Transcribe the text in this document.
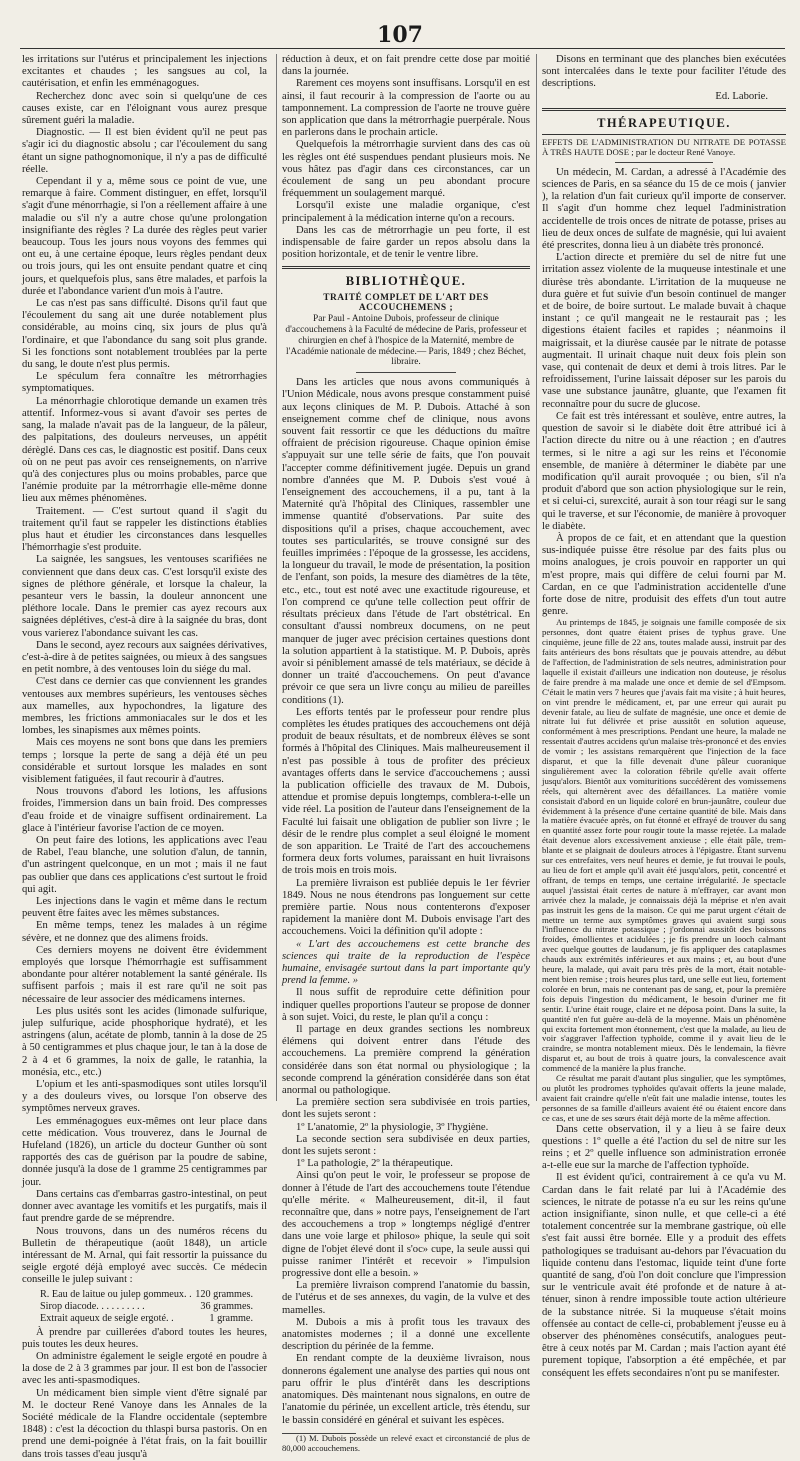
107

les irritations sur l'utérus et principalement les injections excitantes et chaudes ; les sangsues au col, la cautérisation, et enfin les emménagogues.

Recherchez donc avec soin si quelqu'une de ces causes existe, car en l'éloignant vous aurez presque sûrement guéri la maladie.

Diagnostic. — Il est bien évident qu'il ne peut pas s'agir ici du diagnostic absolu ; car l'écoulement du sang étant un signe pathognomonique, il n'y a pas de difficulté réelle.

Cependant il y a, même sous ce point de vue, une remarque à faire. Comment distinguer, en effet, lorsqu'il s'agit d'une ménorrhagie, si l'on a réellement affaire à une maladie ou s'il n'y a autre chose qu'une prolongation insignifiante des règles ? La durée des règles peut varier beaucoup. Tous les jours nous voyons des femmes qui ont eu, à une certaine époque, leurs règles pendant deux ou trois jours, qui les ont ensuite pendant quatre et cinq jours, et quelquefois plus, sans être malades, et parfois la durée et l'abondance varient d'un mois à l'autre.

Le cas n'est pas sans difficulté. Disons qu'il faut que l'écoulement du sang ait une durée notablement plus considérable, au moins cinq, six jours de plus qu'à l'ordinaire, et que l'abondance du sang soit plus grande. Si les fonctions sont notablement troublées par la perte du sang, le doute n'est plus permis.

Le spéculum fera connaître les métrorrhagies symptomatiques.

La ménorrhagie chlorotique demande un examen très attentif. Informez-vous si avant d'avoir ses pertes de sang, la malade n'avait pas de la langueur, de la pâleur, des palpitations, des douleurs nerveuses, un appétit dérèglé. Dans ces cas, le diagnostic est positif. Dans ceux où on ne peut pas avoir ces renseignements, on n'arrive qu'à des conjectures plus ou moins probables, parce que l'anémie produite par la métrorrhagie elle-même donne lieu aux mêmes phénomènes.

Traitement. — C'est surtout quand il s'agit du traitement qu'il faut se rappeler les distinctions établies plus haut et étudier les circonstances dans lesquelles l'hémorrhagie s'est produite.

La saignée, les sangsues, les ventouses scarifiées ne conviennent que dans deux cas. C'est lorsqu'il existe des signes de pléthore générale, et lorsque la chaleur, la pesanteur vers le bassin, la douleur annoncent une pléthore locale. Dans le premier cas ayez recours aux saignées déplétives, c'est-à dire à la saignée du bras, dont vous varierez l'abondance suivant les cas.

Dans le second, ayez recours aux saignées dérivatives, c'est-à-dire à de petites saignées, ou mieux à des sangsues en petit nombre, à des ventouses loin du siége du mal.

C'est dans ce dernier cas que conviennent les grandes ventouses aux membres supérieurs, les ventouses sèches aux mamelles, aux hypochondres, la ligature des membres, les frictions ammoniacales sur le dos et les lombes, les sinapismes aux mêmes points.

Mais ces moyens ne sont bons que dans les premiers temps ; lorsque la perte de sang a déjà été un peu considérable et surtout lorsque les malades en sont visiblement fatiguées, il faut recourir à d'autres.

Nous trouvons d'abord les lotions, les affusions froides, l'immersion dans un bain froid. Des compresses d'eau froide et de vinaigre suffisent ordinairement. La glace à l'intérieur favorise l'action de ce moyen.

On peut faire des lotions, les applications avec l'eau de Rabel, l'eau blanche, une solution d'alun, de tannin, d'un astringent quelconque, en un mot ; mais il ne faut pas oublier que dans ces applications c'est surtout le froid qui agit.

Les injections dans le vagin et même dans le rectum peuvent être faites avec les mêmes substances.

En même temps, tenez les malades à un régime sévère, et ne donnez que des alimens froids.

Ces derniers moyens ne doivent être évidemment employés que lorsque l'hémorrhagie est suffisamment abondante pour altérer notablement la santé générale. Ils suffisent parfois ; mais il est rare qu'il ne soit pas nécessaire de leur associer des médicamens internes.

Les plus usités sont les acides (limonade sulfurique, julep sulfurique, acide phosphorique hydraté), et les astringens (alun, acétate de plomb, tannin à la dose de 25 à 50 centigrammes et plus chaque jour, le tan à la dose de 2 à 4 et 6 grammes, la noix de galle, le ratanhia, la monésia, etc., etc.)

L'opium et les anti-spasmodiques sont utiles lorsqu'il y a des douleurs vives, ou lorsque l'on observe des symptômes nerveux graves.

Les emménagogues eux-mêmes ont leur place dans cette médication. Vous trouverez, dans le Journal de Hufeland (1826), un article du docteur Gunther où sont rapportés des cas de guérison par la poudre de sabine, donnée jusqu'à la dose de 1 gramme 25 centigrammes par jour.

Dans certains cas d'embarras gastro-intestinal, on peut donner avec avantage les vomitifs et les purgatifs, mais il faut prendre garde de se méprendre.

Nous trouvons, dans un des numéros récens du Bulletin de thérapeutique (août 1848), un article intéressant de M. Arnal, qui fait ressortir la puissance du seigle ergoté déjà employé avec succès. Ce médecin conseille le julep suivant :

R. Eau de laitue ou julep gommeux. . 120 grammes.
Sirop diacode. . . . . . . . . .	36 grammes.
Extrait aqueux de seigle ergoté. .	1 gramme.

À prendre par cuillerées d'abord toutes les heures, puis toutes les deux heures.

On administre également le seigle ergoté en poudre à la dose de 2 à 3 grammes par jour. Il est bon de l'associer avec les anti-spasmodiques.

Un médicament bien simple vient d'être signalé par M. le docteur René Vanoye dans les Annales de la Société médicale de la Flandre occidentale (septembre 1848) : c'est la décoction du thlaspi bursa pastoris. On en prend une demi-poignée à l'état frais, on la fait bouillir dans trois tasses d'eau jusqu'à

réduction à deux, et on fait prendre cette dose par moitié dans la journée.

Rarement ces moyens sont insuffisans. Lorsqu'il en est ainsi, il faut recourir à la compression de l'aorte ou au tamponnement. La compression de l'aorte ne trouve guère son application que dans la métrorrhagie puerpérale. Nous en parlerons dans le prochain article.

Quelquefois la métrorrhagie survient dans des cas où les règles ont été suspendues pendant plusieurs mois. Ne vous hâtez pas d'agir dans ces circonstances, car un écoulement de sang un peu abondant procure fréquemment un soulagement marqué.

Lorsqu'il existe une maladie organique, c'est principalement à la médication interne qu'on a recours.

Dans les cas de métrorrhagie un peu forte, il est indispensable de faire garder un repos absolu dans la position horizontale, et de tenir le ventre libre.

BIBLIOTHÈQUE.
TRAITÉ COMPLET DE L'ART DES ACCOUCHEMENS ;
Par Paul - Antoine Dubois, professeur de clinique d'accouchemens à la Faculté de médecine de Paris, professeur et chirurgien en chef à l'hospice de la Maternité, membre de l'Académie nationale de médecine.— Paris, 1849 ; chez Béchet, libraire.

Dans les articles que nous avons communiqués à l'Union Médicale, nous avons presque constamment puisé aux leçons cliniques de M. P. Dubois. Attaché à son enseignement comme chef de clinique, nous avons souvent fait ressortir ce que les déductions du maître offraient de précision rigoureuse. Chaque opinion émise s'appuyait sur une telle série de faits, que l'on pouvait l'accepter comme définitivement jugée. Depuis un grand nombre d'années que M. P. Dubois s'est voué à l'enseignement des accouchemens, il a pu, tant à la Maternité qu'à l'hôpital des Cliniques, rassembler une immense quantité d'observations. Par suite des dispositions qu'il a prises, chaque accouchement, avec toutes ses particularités, se trouve consigné sur des feuilles imprimées : l'époque de la grossesse, les accidens, la longueur du travail, le mode de présentation, la position de l'enfant, son poids, la mesure des diamètres de la tête, etc., etc., tout est noté avec une exactitude rigoureuse, et l'on comprend ce qu'une telle collection peut offrir de résultats précieux dans l'étude de l'art obstétrical. En consultant d'aussi nombreux documens, on ne peut manquer de juger avec précision certaines questions dont la solution appartient à la statistique. M. P. Dubois, après avoir si péniblement amassé de tels matériaux, se décide à donner un traité d'accouchemens. On peut d'avance prévoir ce que sera un livre conçu au milieu de pareilles conditions (1).

Les efforts tentés par le professeur pour rendre plus complètes les études pratiques des accouchemens ont déjà produit de beaux résultats, et de nombreux élèves se sont formés à l'hôpital des Cliniques. Mais malheureusement il n'est pas possible à tous de profiter des précieux avantages offerts dans le service d'accouchemens ; aussi la publication officielle des travaux de M. Dubois, attendue et promise depuis longtemps, comblera-t-elle un vide réel. La position de l'auteur dans l'enseignement de la Faculté lui faisait une obligation de publier son livre ; le désir de le rendre plus complet a seul éloigné le moment de son apparition. Le Traité de l'art des accouchemens formera deux forts volumes, paraissant en huit livraisons de trois mois en trois mois.

La première livraison est publiée depuis le 1er février 1849. Nous ne nous étendrons pas longuement sur cette première partie. Nous nous contenterons d'exposer rapidement la manière dont M. Dubois envisage l'art des accouchemens. Voici la définition qu'il adopte :

« L'art des accouchemens est cette branche des sciences qui traite de la reproduction de l'espèce humaine, envisagée surtout dans la part importante qu'y prend la femme. »

Il nous suffit de reproduire cette définition pour indiquer quelles proportions l'auteur se propose de donner à son sujet. Voici, du reste, le plan qu'il a conçu :

Il partage en deux grandes sections les nombreux élémens qui doivent entrer dans l'étude des accouchemens. La première comprend la génération considérée dans son état normal ou physiologique ; la seconde comprend la génération considérée dans son état anormal ou pathologique.

La première section sera subdivisée en trois parties, dont les sujets seront :

1º L'anatomie, 2º la physiologie, 3º l'hygiène.

La seconde section sera subdivisée en deux parties, dont les sujets seront :

1º La pathologie, 2º la thérapeutique.

Ainsi qu'on peut le voir, le professeur se propose de donner à l'étude de l'art des accouchemens toute l'étendue qu'elle mérite. « Malheureusement, dit-il, il faut reconnaître que, dans » notre pays, l'enseignement de l'art des accouchemens a trop » longtemps négligé d'entrer dans une voie large et philoso» phique, la seule qui soit digne de l'objet élevé dont il s'oc» cupe, la seule aussi qui puisse ranimer l'intérêt et recevoir » l'impulsion progressive dont elle a besoin. »

La première livraison comprend l'anatomie du bassin, de l'utérus et de ses annexes, du vagin, de la vulve et des mamelles.

M. Dubois a mis à profit tous les travaux des anatomistes modernes ; il a donné une excellente description du périnée de la femme.

En rendant compte de la deuxième livraison, nous donnerons également une analyse des parties qui nous ont paru offrir le plus d'intérêt dans les descriptions anatomiques. Dès maintenant nous signalons, en outre de l'anatomie du périnée, un excellent article, très étendu, sur le bassin considéré en général et suivant les espèces.

(1) M. Dubois possède un relevé exact et circonstancié de plus de 80,000 accouchemens.

Disons en terminant que des planches bien exécutées sont intercalées dans le texte pour faciliter l'étude des descriptions.

Ed. Laborie.

THÉRAPEUTIQUE.

EFFETS DE L'ADMINISTRATION DU NITRATE DE POTASSE À TRÈS HAUTE DOSE ; par le docteur René Vanoye.

Un médecin, M. Cardan, a adressé à l'Académie des sciences de Paris, en sa séance du 15 de ce mois ( janvier ), la relation d'un fait curieux qu'il importe de conserver. Il s'agit d'un homme chez lequel l'administration accidentelle de trois onces de nitrate de potasse, prises au lieu de deux onces de sulfate de magnésie, qui lui avaient été prescrites, donna lieu à un diabète très prononcé.

L'action directe et première du sel de nitre fut une irritation assez violente de la muqueuse intestinale et une diurèse très abondante. L'irritation de la muqueuse ne dura guère et fut suivie d'un besoin continuel de manger et de boire, de boire surtout. Le malade buvait à chaque instant ; ce qu'il mangeait ne le restaurait pas ; les digestions étaient faciles et rapides ; néanmoins il maigrissait, et la diurèse causée par le nitrate de potasse augmentait. Il urinait chaque nuit deux fois plein son vase, qui contenait de deux et demi à trois litres. Par le refroidissement, l'urine laissait déposer sur les parois du vase une substance jaunâtre, gluante, que l'examen fit reconnaître pour du sucre de glucose.

Ce fait est très intéressant et soulève, entre autres, la question de savoir si le diabète doit être attribué ici à l'action directe du nitre ou à une réaction ; en d'autres termes, si le nitre a agi sur les reins et l'économie ensemble, de manière à déterminer le diabète par une modification qu'il aurait provoquée ; ou bien, s'il n'a produit d'abord que son action physiologique sur le rein, et si celui-ci, surexcité, aurait à son tour réagi sur le sang qui le traverse, et sur l'économie, de manière à provoquer le diabète.

À propos de ce fait, et en attendant que la question sus-indiquée puisse être résolue par des faits plus ou moins analogues, je crois pouvoir en rapporter un qui m'est propre, mais qui diffère de celui fourni par M. Cardan, en ce que l'administration accidentelle d'une forte dose de nitre, produisit des effets d'un tout autre genre.

Au printemps de 1845, je soignais une famille composée de six personnes, dont quatre étaient prises de typhus grave. Une cinquième, jeune fille de 22 ans, toutes malade aussi, instruit par des faits antérieurs des bons résultats que je pouvais attendre, au début de l'affection, de l'administration de sels neutres, administration pour laquelle il existait d'ailleurs une indication non douteuse, je résolus de faire prendre à ma malade une once et demie de sel d'Empsom. C'était le matin vers 7 heures que j'avais fait ma visite ; à huit heures, on vint prendre le médicament, et, par une erreur qui aurait pu devenir fatale, au lieu de sulfate de magnésie, une once et demie de nitrate lui fut délivrée et prise aussitôt en solution aqueuse, conformément à mes prescriptions. Pendant une heure, la malade ne ressentait d'autres accidens qu'un malaise très-prononcé et des envies de vomir ; les assistans remarquèrent que l'injection de la face disparut, et que la fille devenait d'une pâleur cuoranique singulièrement avec la coloration fébrile qu'elle avait offerte jusqu'alors. Bientôt aux vomituritions succédèrent des vomissemens réels, qui alternèrent avec des défaillances. La matière vomie consistait d'abord en un liquide coloré en brun-jaunâtre, couleur due évidemment à la présence d'une certaine quantité de bile. Mais dans la matière évacuée après, on fut étonné et effrayé de trouver du sang en quantité assez forte pour rougir toute la masse rejetée. La malade était devenue alors excessivement anxieuse ; elle était pâle, tremblante et se plaignait de douleurs atroces à l'épigastre. Étant survenu sur ces entrefaites, vers neuf heures et demie, je fut trouvai le pouls, au lieu de fort et ample qu'il avait été jusqu'alors, petit, concentré et offrant, de temps en temps, une certaine irrégularité. Je spectacle auquel j'assistai était certes de nature à m'effrayer, car avant mon arrivée chez la malade, je connaissais déjà la méprise et n'en avait pas instruit les gens de la maison. Ce qui me parut urgent c'était de mettre un terme aux symptômes graves qui avaient surgi sous l'influence du nitrate potassique ; j'ordonnai aussitôt des boissons froides, émollientes et acidulées ; je fis prendre un looch calmant avec quelque gouttes de laudanum, je fis appliquer des cataplasmes chauds aux extrémités inférieures et aux mains ; et, au bout d'une heure, la malade, qui avait paru très près de la mort, était notablement bien remise ; trois heures plus tard, une selle eut lieu, fortement colorée en brun, mais ne contenant pas de sang, et, pour la première fois depuis l'ingestion du médicament, le besoin d'uriner me fit sentir. L'urine était rouge, claire et ne déposa point. Dans la suite, la quantité n'en fut guère au-delà de la moyenne. Mais un phénomène qui excita fortement mon étonnement, c'est que la malade, au lieu de voir s'aggraver l'affection typhoïde, comme il y avait lieu de le craindre, se montra notablement mieux. Dès le lendemain, la fièvre disparut et, au bout de trois à quatre jours, la convalescence avait commencé de la manière la plus franche.

Ce résultat me parait d'autant plus singulier, que les symptômes, ou plutôt les prodromes typhoïdes qu'avait offerts la jeune malade, avaient fait craindre qu'elle n'eût fait une maladie intense, toutes les personnes de sa famille d'ailleurs avaient été ou étaient encore dans ce cas, et une de ses sœurs était déjà morte de la même affection.

Dans cette observation, il y a lieu à se faire deux questions : 1º quelle a été l'action du sel de nitre sur les reins ; et 2º quelle influence son administration erronée a-t-elle eue sur la marche de l'affection typhoïde.

Il est évident qu'ici, contrairement à ce qu'a vu M. Cardan dans le fait relaté par lui à l'Académie des sciences, le nitrate de potasse n'a eu sur les reins qu'une action insignifiante, sinon nulle, et que celle-ci a été totalement concentrée sur la membrane gastrique, où elle s'est fait aussi être bornée. Elle y a produit des effets pathologiques se traduisant au-dehors par l'évacuation du liquide contenu dans l'estomac, liquide teint d'une forte quantité de sang, d'où l'on doit conclure que l'impression sur le ventricule avait été profonde et de nature à atténuer, sinon à rendre impossible toute action ultérieure de la substance nitrée. Si la muqueuse s'était moins offensée au contact de celle-ci, probablement j'eusse eu à observer des phénomènes consécutifs, analogues peut-être à ceux notés par M. Cardan ; mais l'action ayant été purement topique, l'absorption a été empêchée, et par conséquent les effets secondaires n'ont pu se manifester.
